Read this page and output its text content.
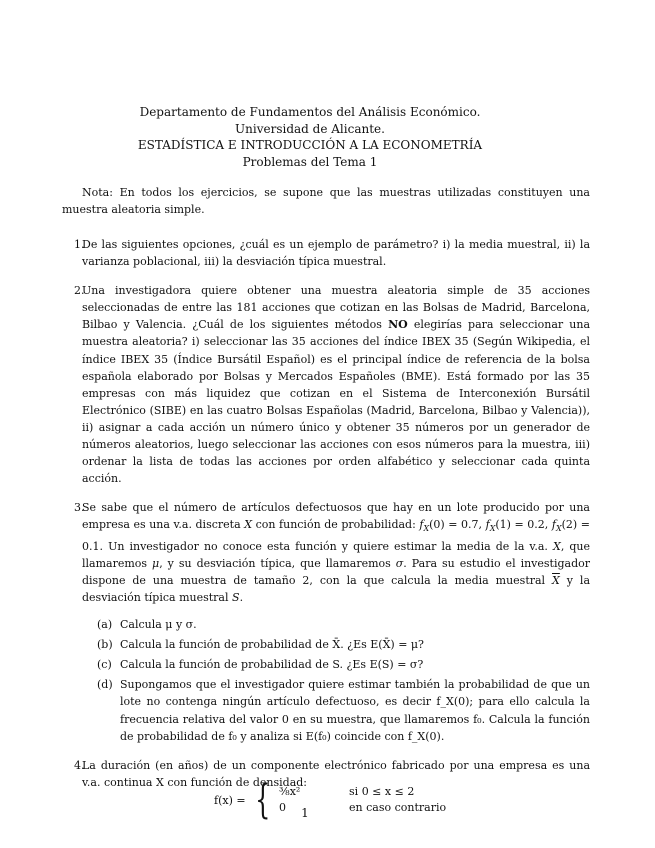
Departamento de Fundamentos del Análisis Económico.
Universidad de Alicante.
ESTADÍSTICA E INTRODUCCIÓN A LA ECONOMETRÍA
Problemas del Tema 1
Nota: En todos los ejercicios, se supone que las muestras utilizadas constituyen una muestra aleatoria simple.
1.
De las siguientes opciones, ¿cuál es un ejemplo de parámetro? i) la media muestral, ii) la varianza poblacional, iii) la desviación típica muestral.
2.
Una investigadora quiere obtener una muestra aleatoria simple de 35 acciones seleccionadas de entre las 181 acciones que cotizan en las Bolsas de Madrid, Barcelona, Bilbao y Valencia. ¿Cuál de los siguientes métodos NO elegirías para seleccionar una muestra aleatoria? i) seleccionar las 35 acciones del índice IBEX 35 (Según Wikipedia, el índice IBEX 35 (Índice Bursátil Español) es el principal índice de referencia de la bolsa española elaborado por Bolsas y Mercados Españoles (BME). Está formado por las 35 empresas con más liquidez que cotizan en el Sistema de Interconexión Bursátil Electrónico (SIBE) en las cuatro Bolsas Españolas (Madrid, Barcelona, Bilbao y Valencia)), ii) asignar a cada acción un número único y obtener 35 números por un generador de números aleatorios, luego seleccionar las acciones con esos números para la muestra, iii) ordenar la lista de todas las acciones por orden alfabético y seleccionar cada quinta acción.
3.
Se sabe que el número de artículos defectuosos que hay en un lote producido por una empresa es una v.a. discreta X con función de probabilidad: $f_X(0) = 0.7$, $f_X(1) = 0.2$, $f_X(2) = 0.1$. Un investigador no conoce esta función y quiere estimar la media de la v.a. X, que llamaremos μ, y su desviación típica, que llamaremos σ. Para su estudio el investigador dispone de una muestra de tamaño 2, con la que calcula la media muestral $\overline{X}$ y la desviación típica muestral S.
(a) Calcula μ y σ.
(b) Calcula la función de probabilidad de X̄. ¿Es E(X̄) = μ?
(c) Calcula la función de probabilidad de S. ¿Es E(S) = σ?
(d) Supongamos que el investigador quiere estimar también la probabilidad de que un lote no contenga ningún artículo defectuoso, es decir f_X(0); para ello calcula la frecuencia relativa del valor 0 en su muestra, que llamaremos f₀. Calcula la función de probabilidad de f₀ y analiza si E(f₀) coincide con f_X(0).
4.
La duración (en años) de un componente electrónico fabricado por una empresa es una v.a. continua X con función de densidad:
f(x) = { ⅜x²	si 0 ≤ x ≤ 2
0	en caso contrario
1
